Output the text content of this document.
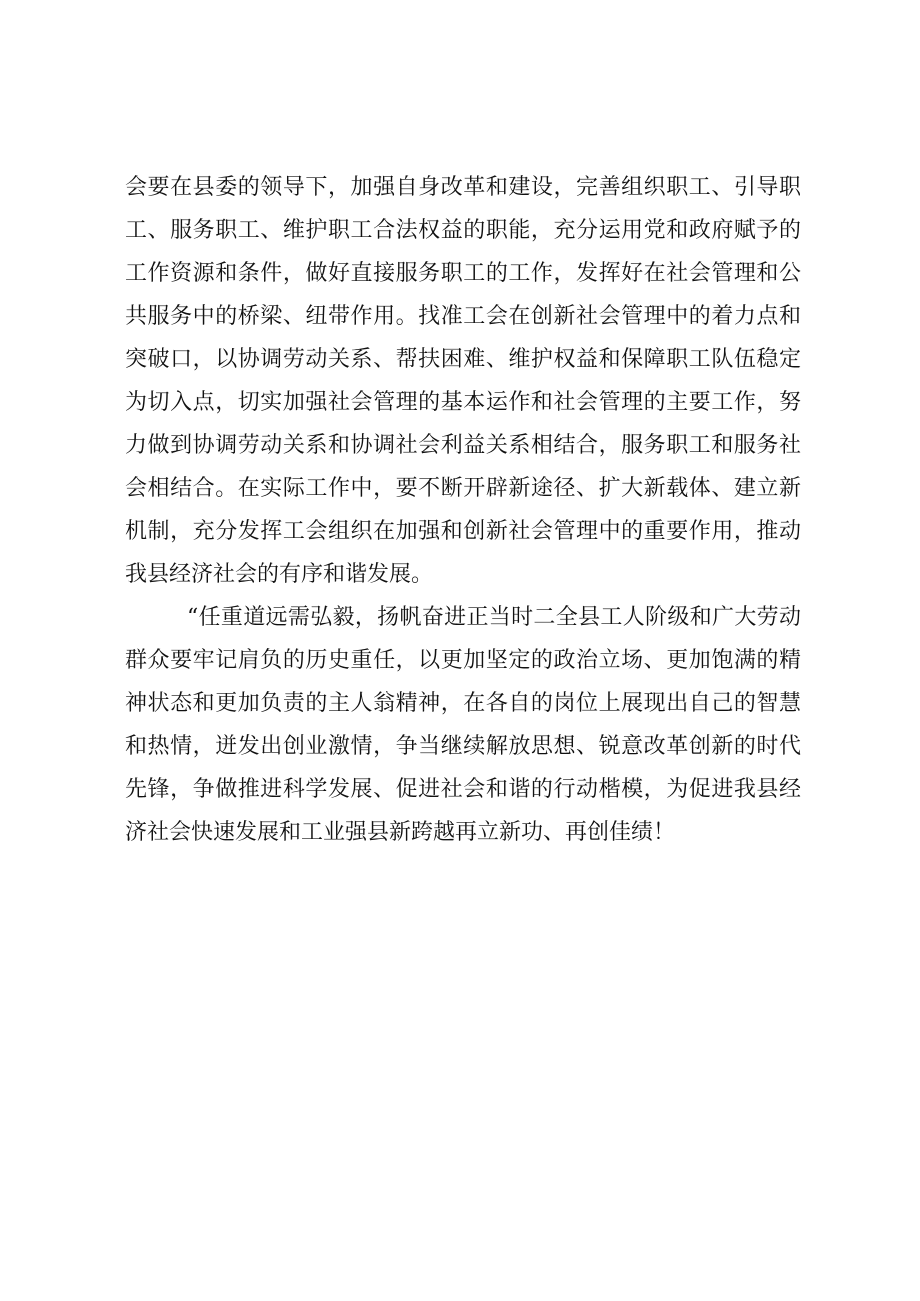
会要在县委的领导下，加强自身改革和建设，完善组织职工、引导职
工、服务职工、维护职工合法权益的职能，充分运用党和政府赋予的
工作资源和条件，做好直接服务职工的工作，发挥好在社会管理和公
共服务中的桥梁、纽带作用。找准工会在创新社会管理中的着力点和
突破口，以协调劳动关系、帮扶困难、维护权益和保障职工队伍稳定
为切入点，切实加强社会管理的基本运作和社会管理的主要工作，努
力做到协调劳动关系和协调社会利益关系相结合，服务职工和服务社
会相结合。在实际工作中，要不断开辟新途径、扩大新载体、建立新
机制，充分发挥工会组织在加强和创新社会管理中的重要作用，推动
我县经济社会的有序和谐发展。
“任重道远需弘毅，扬帆奋进正当时二全县工人阶级和广大劳动
群众要牢记肩负的历史重任，以更加坚定的政治立场、更加饱满的精
神状态和更加负责的主人翁精神，在各自的岗位上展现出自己的智慧
和热情，迸发出创业激情，争当继续解放思想、锐意改革创新的时代
先锋，争做推进科学发展、促进社会和谐的行动楷模，为促进我县经
济社会快速发展和工业强县新跨越再立新功、再创佳绩！
